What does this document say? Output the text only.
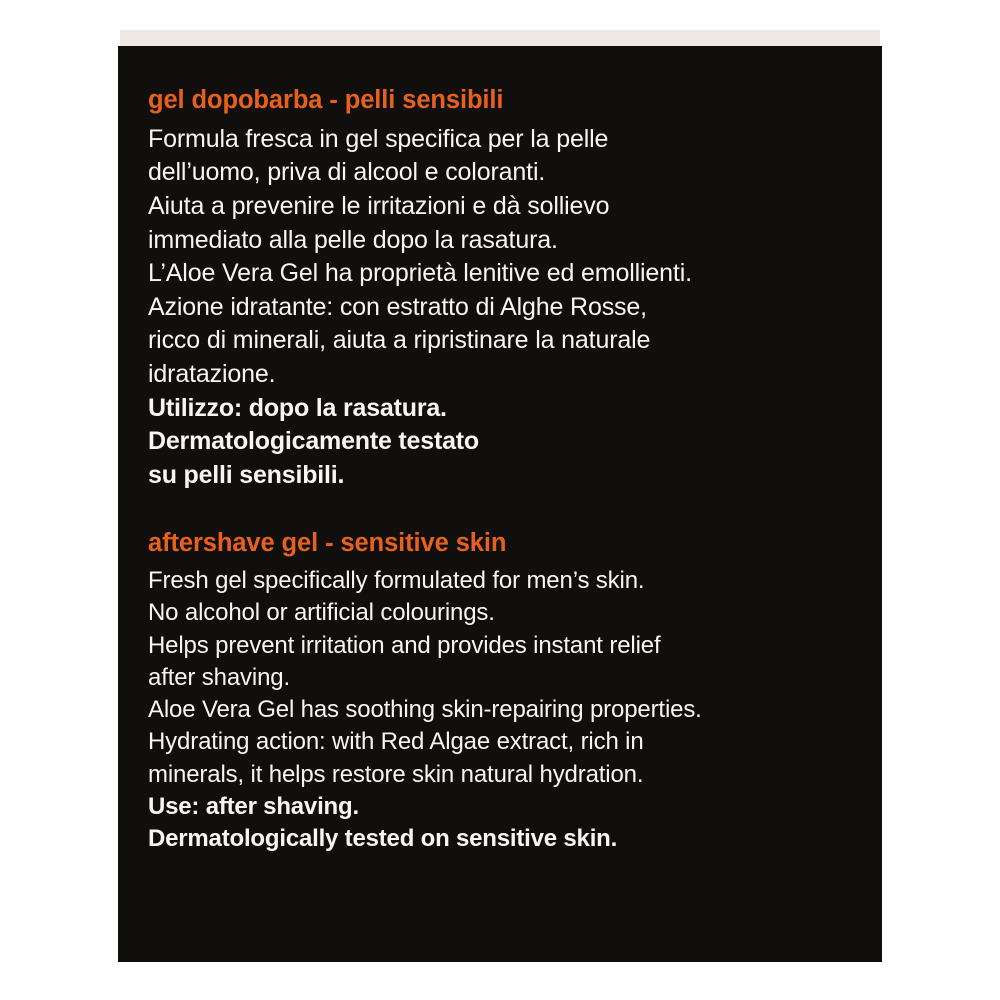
gel dopobarba - pelli sensibili

Formula fresca in gel specifica per la pelle

dell’uomo, priva di alcool e coloranti.

Aiuta a prevenire le irritazioni e dà sollievo

immediato alla pelle dopo la rasatura.

L’Aloe Vera Gel ha proprietà lenitive ed emollienti.

Azione idratante: con estratto di Alghe Rosse,

ricco di minerali, aiuta a ripristinare la naturale

idratazione.

Utilizzo: dopo la rasatura.

Dermatologicamente testato

su pelli sensibili.

aftershave gel - sensitive skin

Fresh gel specifically formulated for men’s skin.

No alcohol or artificial colourings.

Helps prevent irritation and provides instant relief

after shaving.

Aloe Vera Gel has soothing skin-repairing properties.

Hydrating action: with Red Algae extract, rich in

minerals, it helps restore skin natural hydration.

Use: after shaving.

Dermatologically tested on sensitive skin.
